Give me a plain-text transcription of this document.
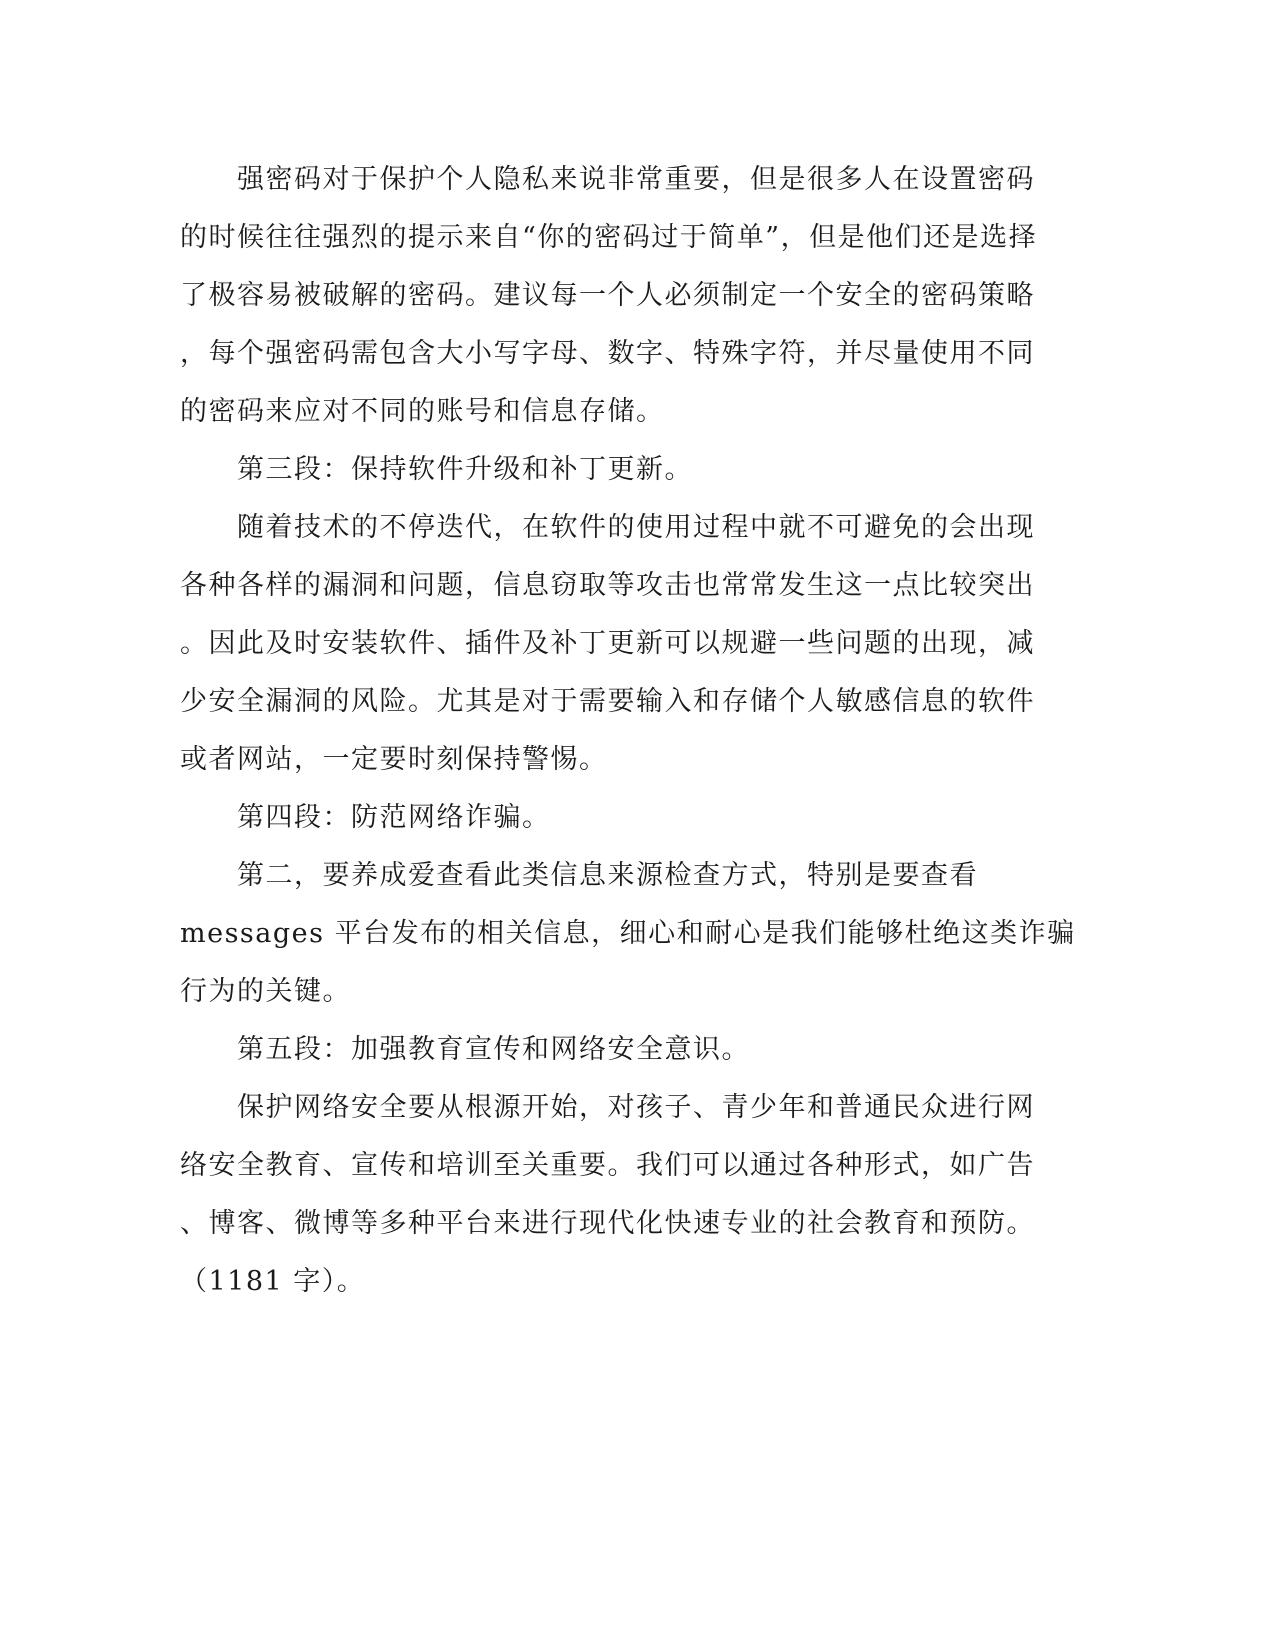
　　强密码对于保护个人隐私来说非常重要，但是很多人在设置密码

的时候往往强烈的提示来自“你的密码过于简单”，但是他们还是选择

了极容易被破解的密码。建议每一个人必须制定一个安全的密码策略

，每个强密码需包含大小写字母、数字、特殊字符，并尽量使用不同

的密码来应对不同的账号和信息存储。

　　第三段：保持软件升级和补丁更新。

　　随着技术的不停迭代，在软件的使用过程中就不可避免的会出现

各种各样的漏洞和问题，信息窃取等攻击也常常发生这一点比较突出

。因此及时安装软件、插件及补丁更新可以规避一些问题的出现，减

少安全漏洞的风险。尤其是对于需要输入和存储个人敏感信息的软件

或者网站，一定要时刻保持警惕。

　　第四段：防范网络诈骗。

　　第二，要养成爱查看此类信息来源检查方式，特别是要查看

messages 平台发布的相关信息，细心和耐心是我们能够杜绝这类诈骗

行为的关键。

　　第五段：加强教育宣传和网络安全意识。

　　保护网络安全要从根源开始，对孩子、青少年和普通民众进行网

络安全教育、宣传和培训至关重要。我们可以通过各种形式，如广告

、博客、微博等多种平台来进行现代化快速专业的社会教育和预防。

（1181 字）。
